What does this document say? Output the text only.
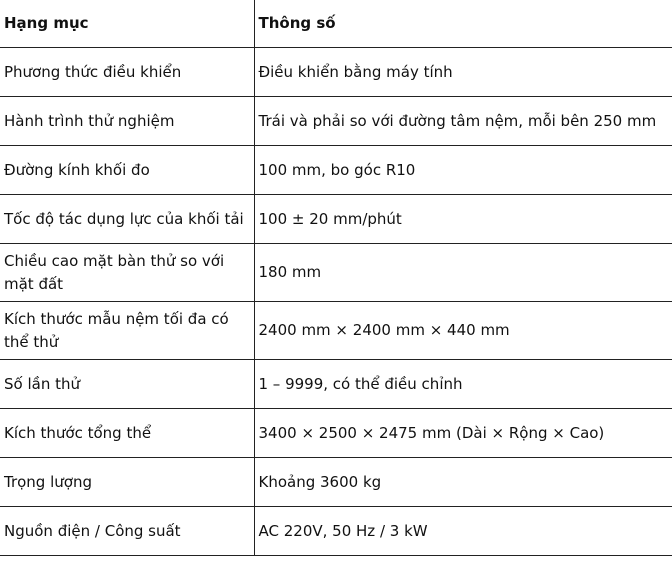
Hạng mục	Thông số
Phương thức điều khiển	Điều khiển bằng máy tính
Hành trình thử nghiệm	Trái và phải so với đường tâm nệm, mỗi bên 250 mm
Đường kính khối đo	100 mm, bo góc R10
Tốc độ tác dụng lực của khối tải	100 ± 20 mm/phút
Chiều cao mặt bàn thử so với mặt đất	180 mm
Kích thước mẫu nệm tối đa có thể thử	2400 mm × 2400 mm × 440 mm
Số lần thử	1 – 9999, có thể điều chỉnh
Kích thước tổng thể	3400 × 2500 × 2475 mm (Dài × Rộng × Cao)
Trọng lượng	Khoảng 3600 kg
Nguồn điện / Công suất	AC 220V, 50 Hz / 3 kW
